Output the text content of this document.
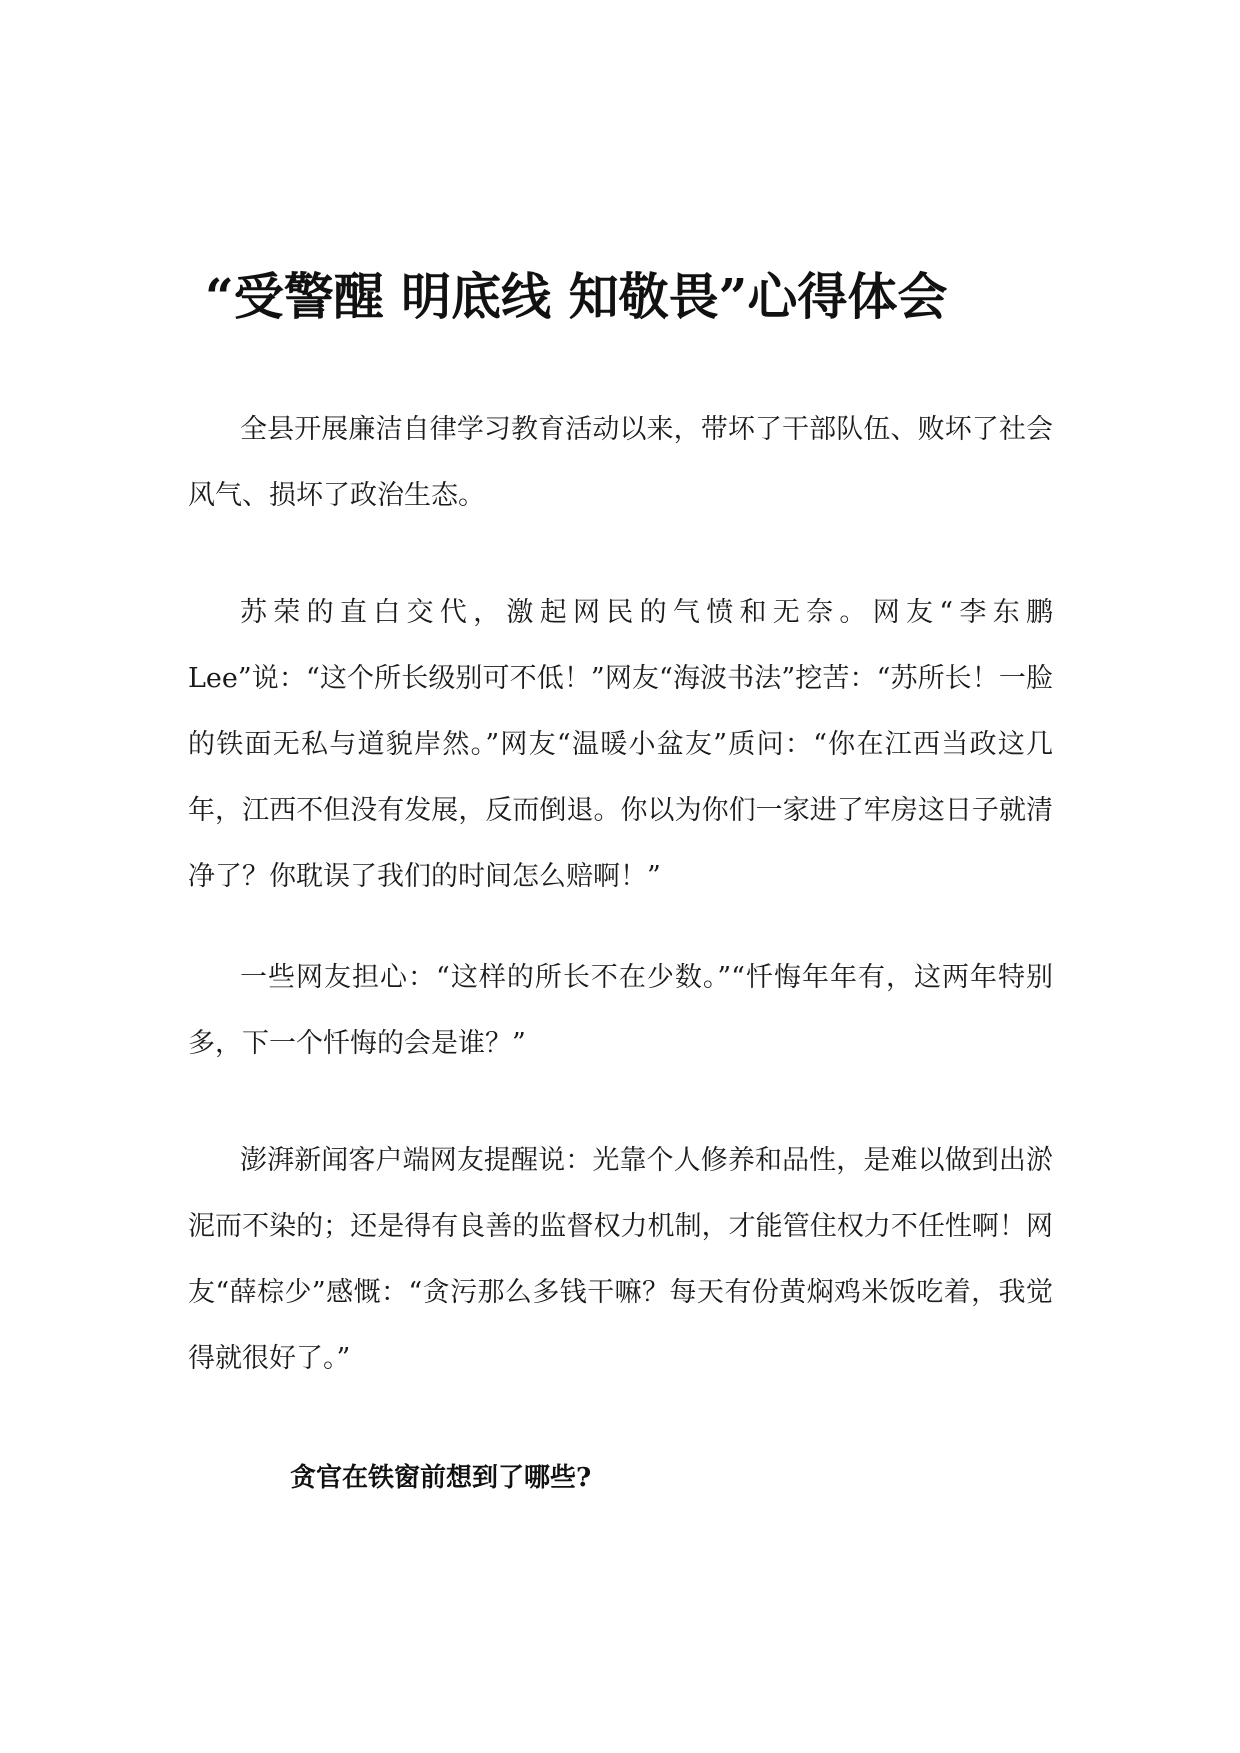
“受警醒 明底线 知敬畏”心得体会

全县开展廉洁自律学习教育活动以来，带坏了干部队伍、败坏了社会风气、损坏了政治生态。

苏荣的直白交代，激起网民的气愤和无奈。网友“李东鹏 Lee”说：“这个所长级别可不低！”网友“海波书法”挖苦：“苏所长！一脸的铁面无私与道貌岸然。”网友“温暖小盆友”质问：“你在江西当政这几年，江西不但没有发展，反而倒退。你以为你们一家进了牢房这日子就清净了？你耽误了我们的时间怎么赔啊！”

一些网友担心：“这样的所长不在少数。”“忏悔年年有，这两年特别多，下一个忏悔的会是谁？”

澎湃新闻客户端网友提醒说：光靠个人修养和品性，是难以做到出淤泥而不染的；还是得有良善的监督权力机制，才能管住权力不任性啊！网友“薛棕少”感慨：“贪污那么多钱干嘛？每天有份黄焖鸡米饭吃着，我觉得就很好了。”

贪官在铁窗前想到了哪些?
